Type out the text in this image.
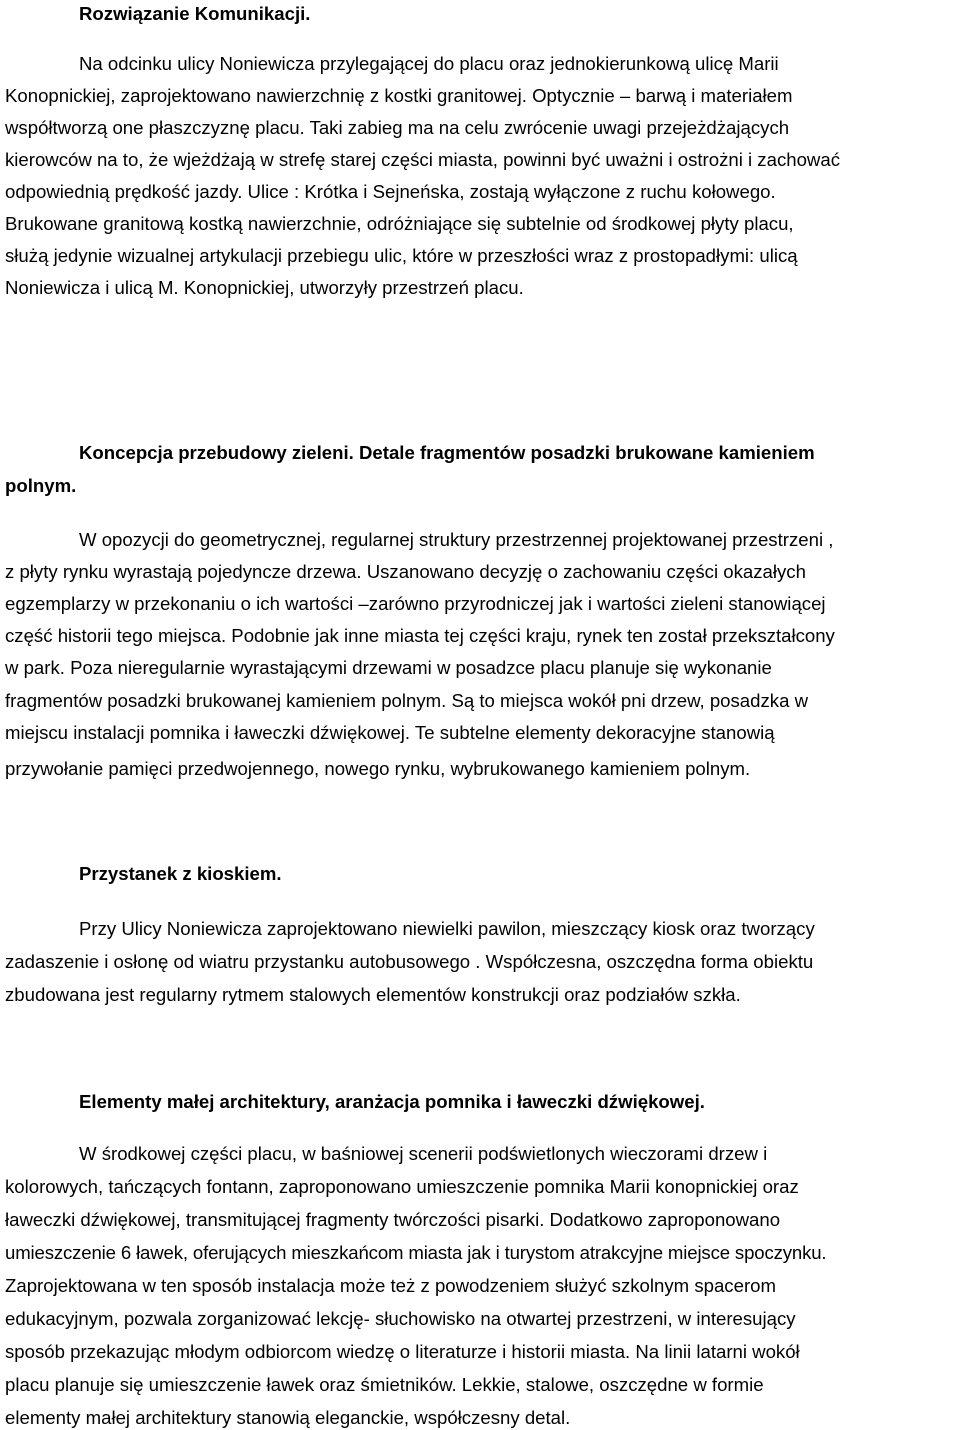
Rozwiązanie Komunikacji.
Na odcinku ulicy Noniewicza przylegającej do placu oraz jednokierunkową ulicę Marii
Konopnickiej, zaprojektowano nawierzchnię z kostki granitowej. Optycznie – barwą i materiałem
współtworzą one płaszczyznę placu. Taki zabieg ma na celu zwrócenie uwagi przejeżdżających
kierowców na to, że wjeżdżają w strefę starej części miasta, powinni być uważni i ostrożni i zachować
odpowiednią prędkość jazdy. Ulice : Krótka i Sejneńska, zostają wyłączone z ruchu kołowego.
Brukowane granitową kostką nawierzchnie, odróżniające się subtelnie od środkowej płyty placu,
służą jedynie wizualnej artykulacji przebiegu ulic, które w przeszłości wraz z prostopadłymi: ulicą
Noniewicza i ulicą M. Konopnickiej, utworzyły przestrzeń placu.
Koncepcja przebudowy zieleni. Detale fragmentów posadzki brukowane kamieniem
polnym.
W opozycji do geometrycznej, regularnej struktury przestrzennej projektowanej przestrzeni ,
z płyty rynku wyrastają pojedyncze drzewa. Uszanowano decyzję o zachowaniu części okazałych
egzemplarzy w przekonaniu o ich wartości –zarówno przyrodniczej jak i wartości zieleni stanowiącej
część historii tego miejsca. Podobnie jak inne miasta tej części kraju, rynek ten został przekształcony
w park. Poza nieregularnie wyrastającymi drzewami w posadzce placu planuje się wykonanie
fragmentów posadzki brukowanej kamieniem polnym. Są to miejsca wokół pni drzew, posadzka w
miejscu instalacji pomnika i ławeczki dźwiękowej. Te subtelne elementy dekoracyjne stanowią
przywołanie pamięci przedwojennego, nowego rynku, wybrukowanego kamieniem polnym.
Przystanek z kioskiem.
Przy Ulicy Noniewicza zaprojektowano niewielki pawilon, mieszczący kiosk oraz tworzący
zadaszenie i osłonę od wiatru przystanku autobusowego . Współczesna, oszczędna forma obiektu
zbudowana jest regularny rytmem stalowych elementów konstrukcji oraz podziałów szkła.
Elementy małej architektury, aranżacja pomnika i ławeczki dźwiękowej.
W środkowej części placu, w baśniowej scenerii podświetlonych wieczorami drzew i
kolorowych, tańczących fontann, zaproponowano umieszczenie pomnika Marii konopnickiej oraz
ławeczki dźwiękowej, transmitującej fragmenty twórczości pisarki. Dodatkowo zaproponowano
umieszczenie 6 ławek, oferujących mieszkańcom miasta jak i turystom atrakcyjne miejsce spoczynku.
Zaprojektowana w ten sposób instalacja może też z powodzeniem służyć szkolnym spacerom
edukacyjnym, pozwala zorganizować lekcję- słuchowisko na otwartej przestrzeni, w interesujący
sposób przekazując młodym odbiorcom wiedzę o literaturze i historii miasta. Na linii latarni wokół
placu planuje się umieszczenie ławek oraz śmietników. Lekkie, stalowe, oszczędne w formie
elementy małej architektury stanowią eleganckie, współczesny detal.
